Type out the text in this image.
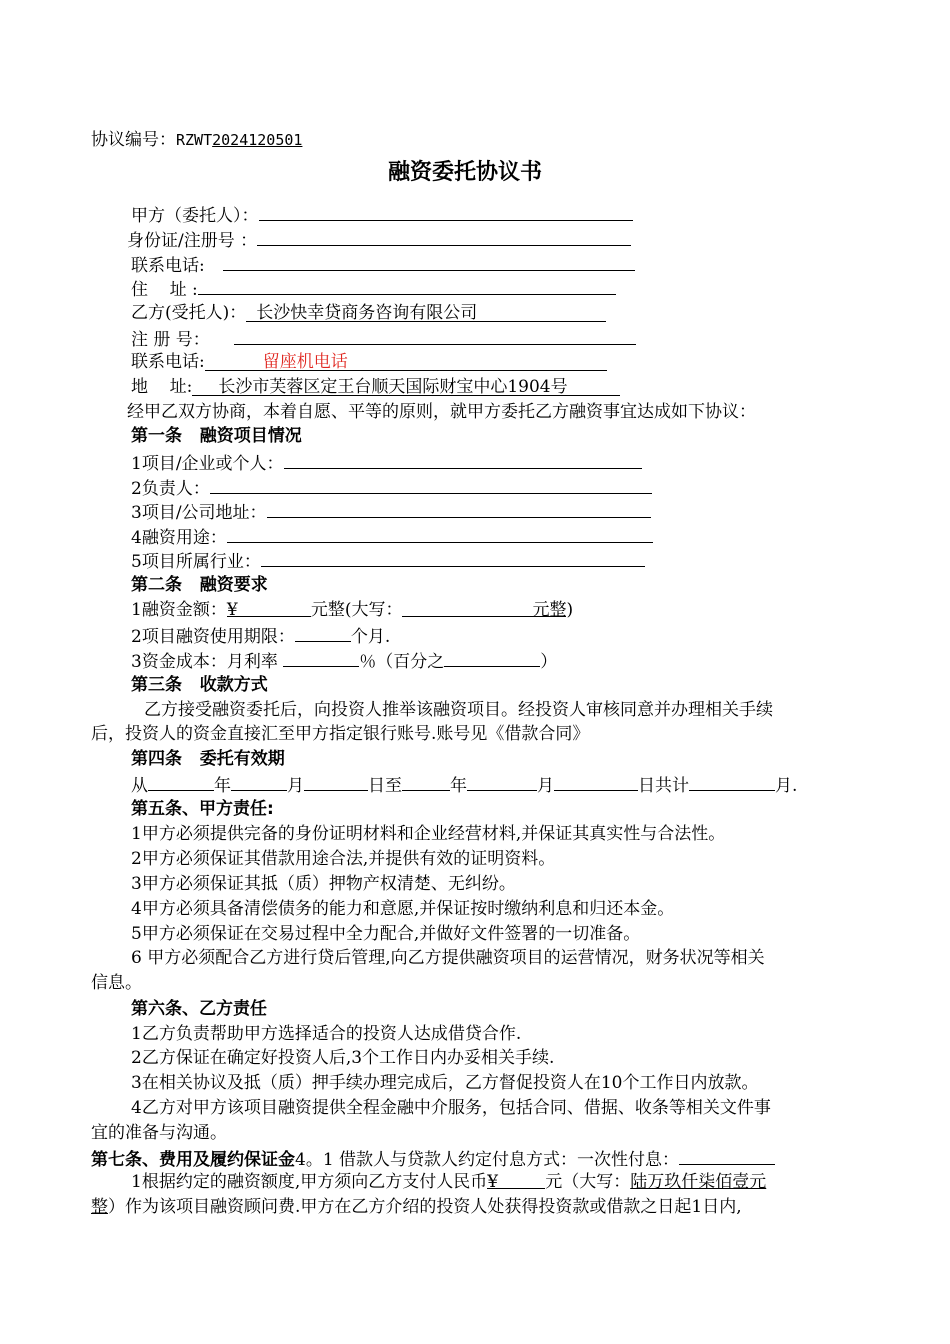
协议编号：RZWT2024120501
融资委托协议书
甲方（委托人）：
身份证/注册号 ：
联系电话:
住    址 :
乙方(受托人)： 长沙快幸贷商务咨询有限公司
注 册 号：
联系电话:	留座机电话
地    址: 长沙市芙蓉区定王台顺天国际财宝中心1904号
经甲乙双方协商，本着自愿、平等的原则，就甲方委托乙方融资事宜达成如下协议：
第一条   融资项目情况
1项目/企业或个人：
2负责人：
3项目/公司地址：
4融资用途：
5项目所属行业：
第二条   融资要求
1融资金额：¥	元整(大写：	元整)
2项目融资使用期限：	个月.
3资金成本：月利率	％（百分之	）
第三条   收款方式
乙方接受融资委托后，向投资人推举该融资项目。经投资人审核同意并办理相关手续
后，投资人的资金直接汇至甲方指定银行账号.账号见《借款合同》
第四条   委托有效期
从	年	月	日至	年	月	日共计	月.
第五条、甲方责任:
1甲方必须提供完备的身份证明材料和企业经营材料,并保证其真实性与合法性。
2甲方必须保证其借款用途合法,并提供有效的证明资料。
3甲方必须保证其抵（质）押物产权清楚、无纠纷。
4甲方必须具备清偿债务的能力和意愿,并保证按时缴纳利息和归还本金。
5甲方必须保证在交易过程中全力配合,并做好文件签署的一切准备。
6 甲方必须配合乙方进行贷后管理,向乙方提供融资项目的运营情况，财务状况等相关
信息。
第六条、乙方责任
1乙方负责帮助甲方选择适合的投资人达成借贷合作.
2乙方保证在确定好投资人后,3个工作日内办妥相关手续.
3在相关协议及抵（质）押手续办理完成后，乙方督促投资人在10个工作日内放款。
4乙方对甲方该项目融资提供全程金融中介服务，包括合同、借据、收条等相关文件事
宜的准备与沟通。
第七条、费用及履约保证金4。1 借款人与贷款人约定付息方式：一次性付息：
1根据约定的融资额度,甲方须向乙方支付人民币¥	元（大写：陆万玖仟柒佰壹元
整）作为该项目融资顾问费.甲方在乙方介绍的投资人处获得投资款或借款之日起1日内,
